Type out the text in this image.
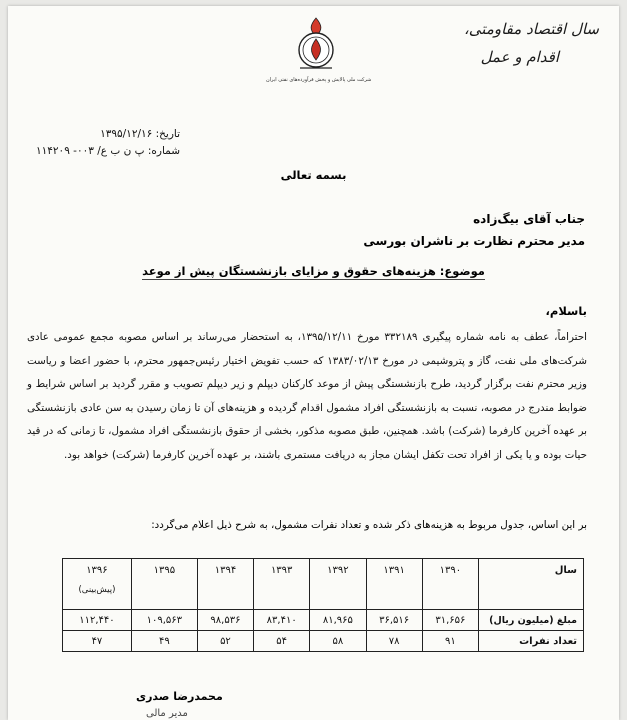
سال اقتصاد مقاومتی،
اقدام و عمل
شرکت ملی پالایش و پخش فرآورده‌های نفتی ایران
تاریخ: ۱۳۹۵/۱۲/۱۶
شماره: پ ن ب ع/ ۰۰۳- ۱۱۴۲۰۹
بسمه تعالی
جناب آقای بیگ‌زاده
مدیر محترم نظارت بر ناشران بورسی
موضوع: هزینه‌های حقوق و مزایای بازنشستگان پیش از موعد
باسلام،

احتراماً، عطف به نامه شماره پیگیری ۳۳۲۱۸۹ مورخ ۱۳۹۵/۱۲/۱۱، به استحضار می‌رساند بر اساس مصوبه مجمع عمومی عادی شرکت‌های ملی نفت، گاز و پتروشیمی در مورخ ۱۳۸۳/۰۲/۱۳ که حسب تفویض اختیار رئیس‌جمهور محترم، با حضور اعضا و ریاست وزیر محترم نفت برگزار گردید، طرح بازنشستگی پیش از موعد کارکنان دیپلم و زیر دیپلم تصویب و مقرر گردید بر اساس شرایط و ضوابط مندرج در مصوبه، نسبت به بازنشستگی افراد مشمول اقدام گردیده و هزینه‌های آن تا زمان رسیدن به سن عادی بازنشستگی بر عهده آخرین کارفرما (شرکت) باشد. همچنین، طبق مصوبه مذکور، بخشی از حقوق بازنشستگی افراد مشمول، تا زمانی که در قید حیات بوده و یا یکی از افراد تحت تکفل ایشان مجاز به دریافت مستمری باشند، بر عهده آخرین کارفرما (شرکت) خواهد بود.

بر این اساس، جدول مربوط به هزینه‌های ذکر شده و تعداد نفرات مشمول، به شرح ذیل اعلام می‌گردد:
سال	۱۳۹۰	۱۳۹۱	۱۳۹۲	۱۳۹۳	۱۳۹۴	۱۳۹۵	۱۳۹۶
(پیش‌بینی)

مبلغ (میلیون ریال)	۳۱,۶۵۶	۳۶,۵۱۶	۸۱,۹۶۵	۸۳,۴۱۰	۹۸,۵۳۶	۱۰۹,۵۶۳	۱۱۲,۴۴۰
تعداد نفرات	۹۱	۷۸	۵۸	۵۴	۵۲	۴۹	۴۷
محمدرضا صدری
مدیر مالی
